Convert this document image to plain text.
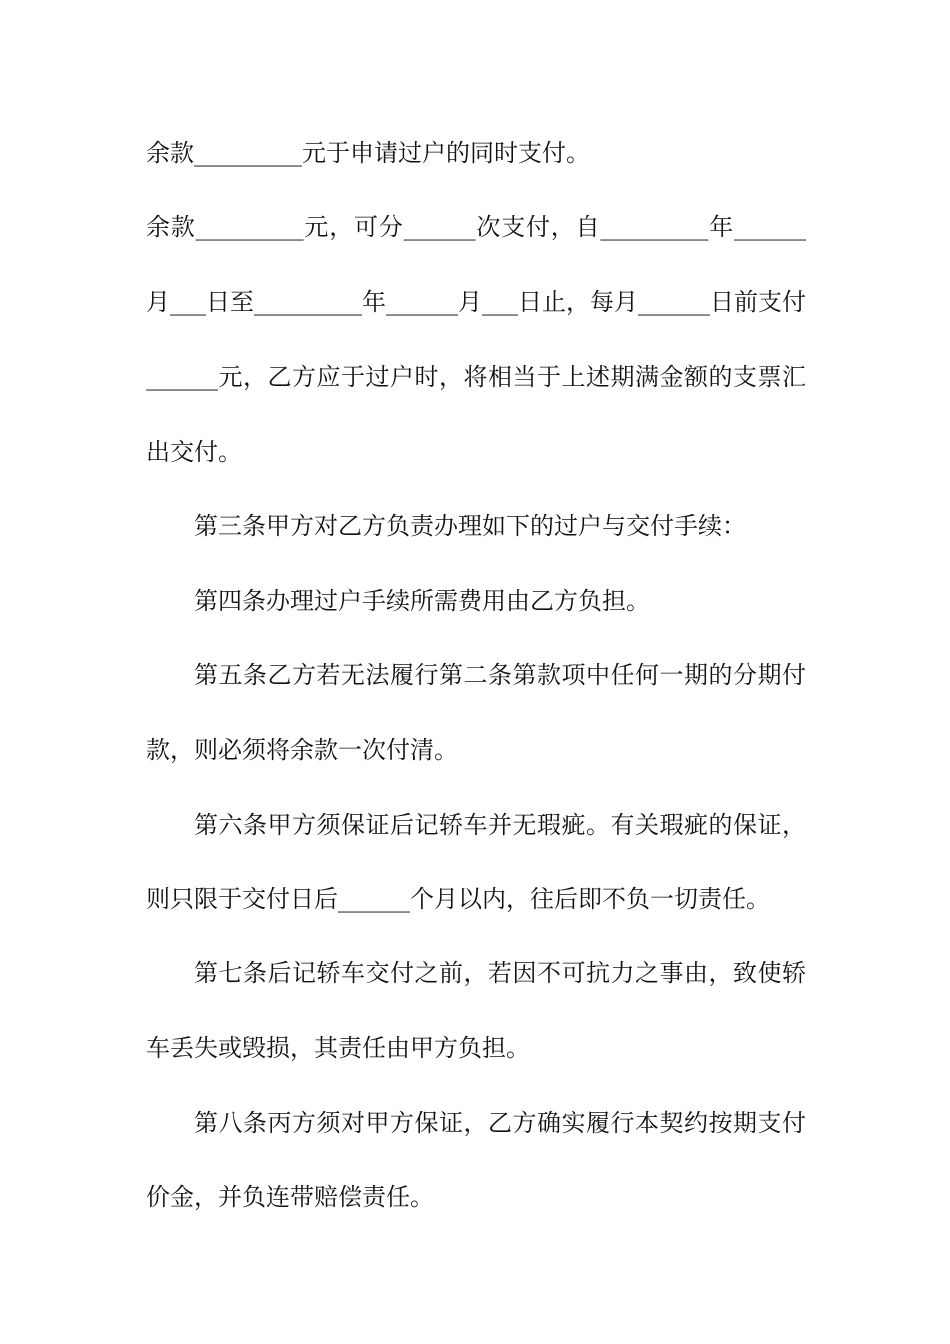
余款_________元于申请过户的同时支付。
余款_________元，可分______次支付，自_________年______
月___日至_________年______月___日止，每月______日前支付
______元，乙方应于过户时，将相当于上述期满金额的支票汇
出交付。
第三条甲方对乙方负责办理如下的过户与交付手续：
第四条办理过户手续所需费用由乙方负担。
第五条乙方若无法履行第二条第款项中任何一期的分期付
款，则必须将余款一次付清。
第六条甲方须保证后记轿车并无瑕疵。有关瑕疵的保证，
则只限于交付日后______个月以内，往后即不负一切责任。
第七条后记轿车交付之前，若因不可抗力之事由，致使轿
车丢失或毁损，其责任由甲方负担。
第八条丙方须对甲方保证，乙方确实履行本契约按期支付
价金，并负连带赔偿责任。
